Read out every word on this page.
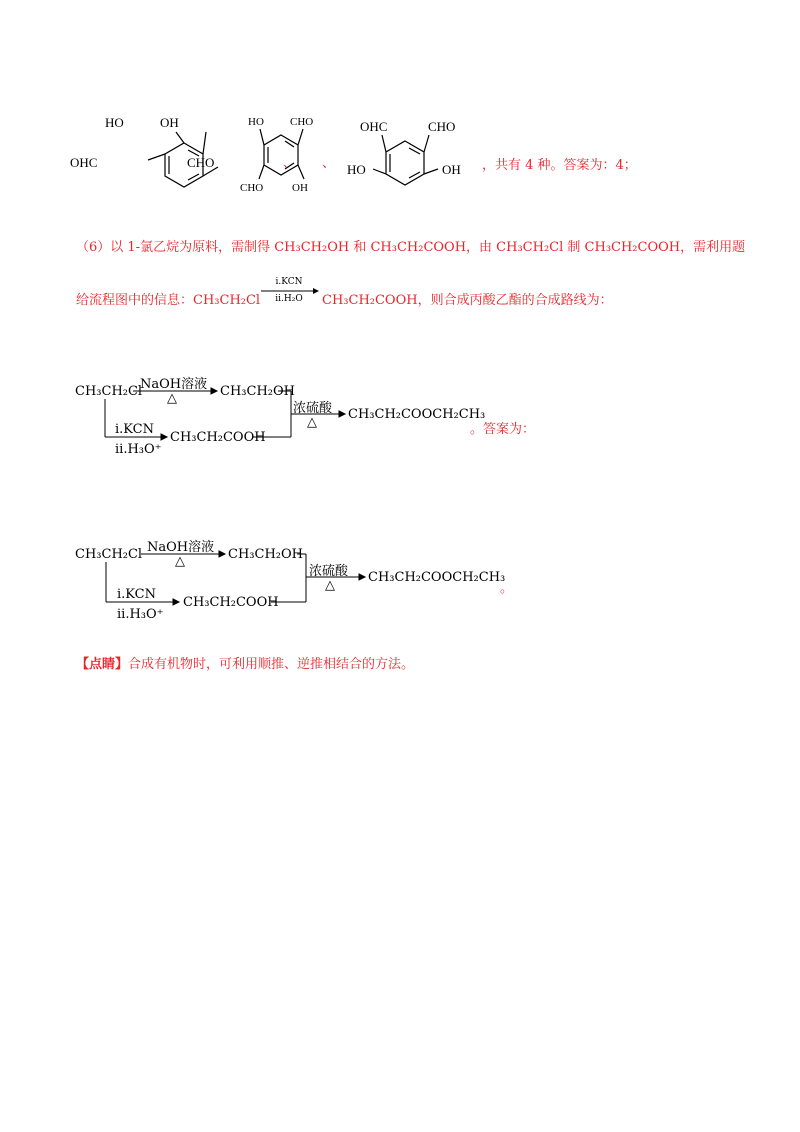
HO	OH
OHC	CHO
HO CHO
CHO	OH
OHC	CHO
HO	OH
、 、	，共有 4 种。答案为：4；
（6）以 1-氯乙烷为原料，需制得 CH₃CH₂OH 和 CH₃CH₂COOH，由 CH₃CH₂Cl 制 CH₃CH₂COOH，需利用题
给流程图中的信息：CH₃CH₂Cl
i.KCN
ii.H₂O	CH₃CH₂COOH，则合成丙酸乙酯的合成路线为：
CH₃CH₂Cl
NaOH溶液
△	CH₃CH₂OH
i.KCN
ii.H₃O⁺
CH₃CH₂COOH
浓硫酸
△
CH₃CH₂COOCH₂CH₃
。答案为：
CH₃CH₂Cl NaOH溶液
△	CH₃CH₂OH
i.KCN
ii.H₃O⁺
CH₃CH₂COOH
浓硫酸
△
CH₃CH₂COOCH₂CH₃
。
【点睛】合成有机物时，可利用顺推、逆推相结合的方法。
